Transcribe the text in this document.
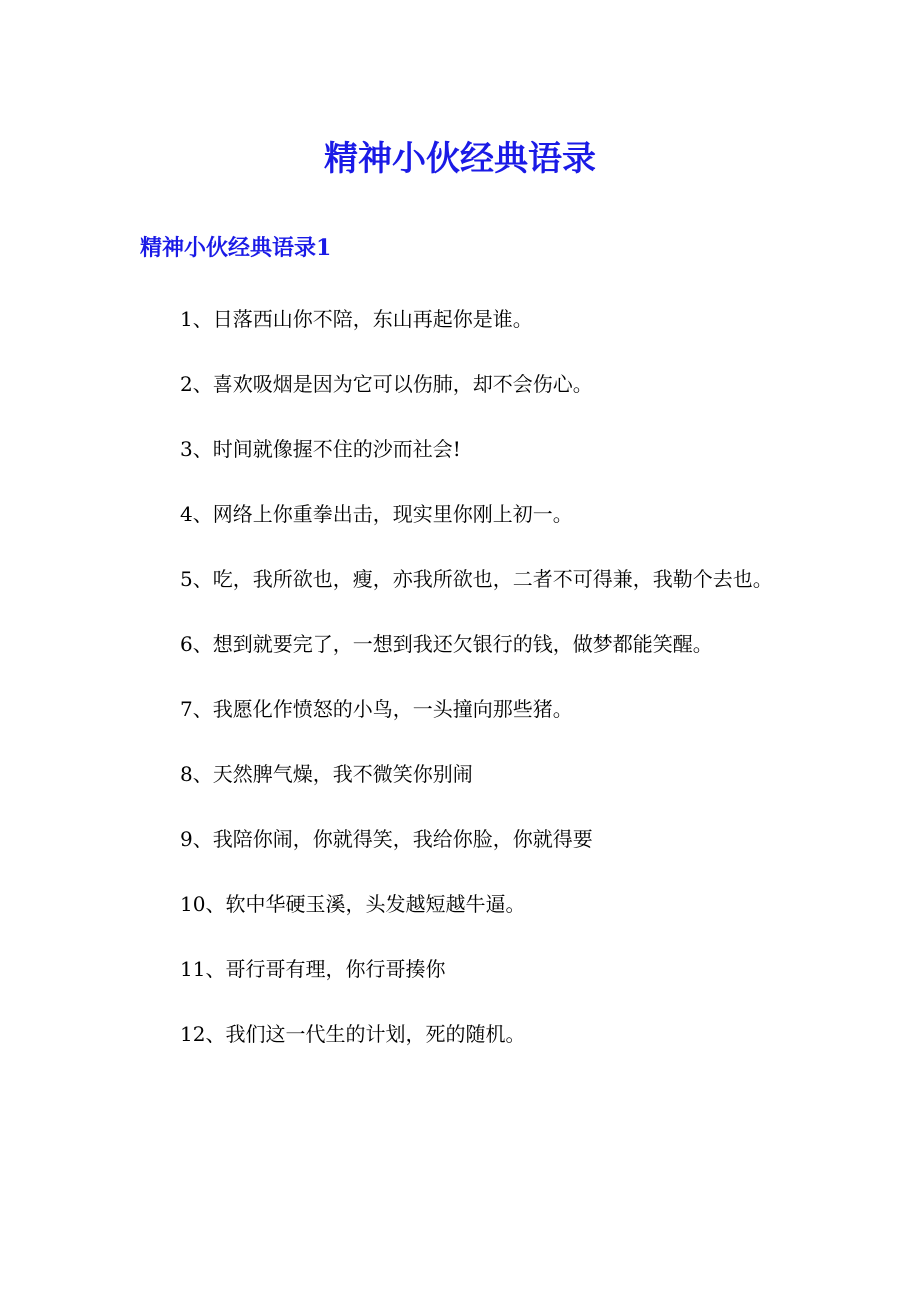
精神小伙经典语录
精神小伙经典语录1
1、日落西山你不陪，东山再起你是谁。
2、喜欢吸烟是因为它可以伤肺，却不会伤心。
3、时间就像握不住的沙而社会!
4、网络上你重拳出击，现实里你刚上初一。
5、吃，我所欲也，瘦，亦我所欲也，二者不可得兼，我勒个去也。
6、想到就要完了，一想到我还欠银行的钱，做梦都能笑醒。
7、我愿化作愤怒的小鸟，一头撞向那些猪。
8、天然脾气燥，我不微笑你别闹
9、我陪你闹，你就得笑，我给你脸，你就得要
10、软中华硬玉溪，头发越短越牛逼。
11、哥行哥有理，你行哥揍你
12、我们这一代生的计划，死的随机。
